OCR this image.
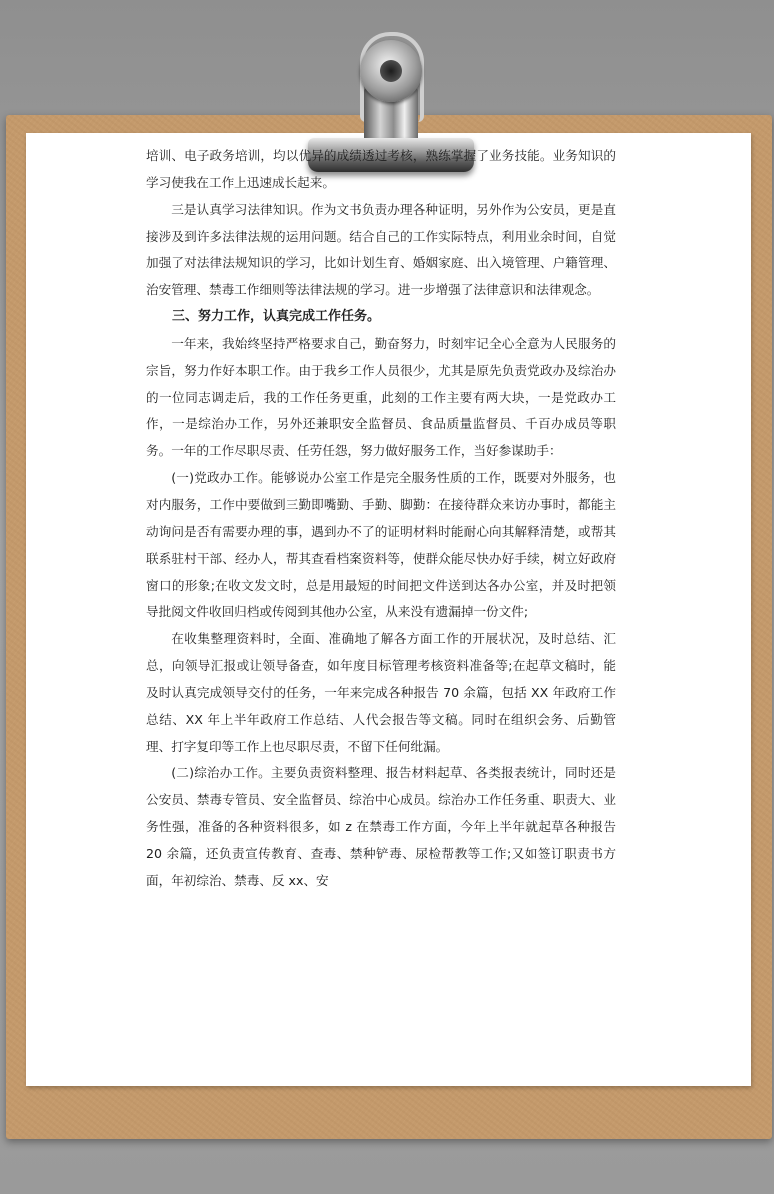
培训、电子政务培训，均以优异的成绩透过考核，熟练掌握了业务技能。业务知识的学习使我在工作上迅速成长起来。

三是认真学习法律知识。作为文书负责办理各种证明，另外作为公安员，更是直接涉及到许多法律法规的运用问题。结合自己的工作实际特点，利用业余时间，自觉加强了对法律法规知识的学习，比如计划生育、婚姻家庭、出入境管理、户籍管理、治安管理、禁毒工作细则等法律法规的学习。进一步增强了法律意识和法律观念。

三、努力工作，认真完成工作任务。

一年来，我始终坚持严格要求自己，勤奋努力，时刻牢记全心全意为人民服务的宗旨，努力作好本职工作。由于我乡工作人员很少，尤其是原先负责党政办及综治办的一位同志调走后，我的工作任务更重，此刻的工作主要有两大块，一是党政办工作，一是综治办工作，另外还兼职安全监督员、食品质量监督员、千百办成员等职务。一年的工作尽职尽责、任劳任怨，努力做好服务工作，当好参谋助手：

(一)党政办工作。能够说办公室工作是完全服务性质的工作，既要对外服务，也对内服务，工作中要做到三勤即嘴勤、手勤、脚勤：在接待群众来访办事时，都能主动询问是否有需要办理的事，遇到办不了的证明材料时能耐心向其解释清楚，或帮其联系驻村干部、经办人，帮其查看档案资料等，使群众能尽快办好手续，树立好政府窗口的形象;在收文发文时，总是用最短的时间把文件送到达各办公室，并及时把领导批阅文件收回归档或传阅到其他办公室，从来没有遗漏掉一份文件;

在收集整理资料时，全面、准确地了解各方面工作的开展状况，及时总结、汇总，向领导汇报或让领导备查，如年度目标管理考核资料准备等;在起草文稿时，能及时认真完成领导交付的任务，一年来完成各种报告 70 余篇，包括 XX 年政府工作总结、XX 年上半年政府工作总结、人代会报告等文稿。同时在组织会务、后勤管理、打字复印等工作上也尽职尽责，不留下任何纰漏。

(二)综治办工作。主要负责资料整理、报告材料起草、各类报表统计，同时还是公安员、禁毒专管员、安全监督员、综治中心成员。综治办工作任务重、职责大、业务性强，准备的各种资料很多，如 z 在禁毒工作方面，今年上半年就起草各种报告 20 余篇，还负责宣传教育、查毒、禁种铲毒、尿检帮教等工作;又如签订职责书方面，年初综治、禁毒、反 xx、安
